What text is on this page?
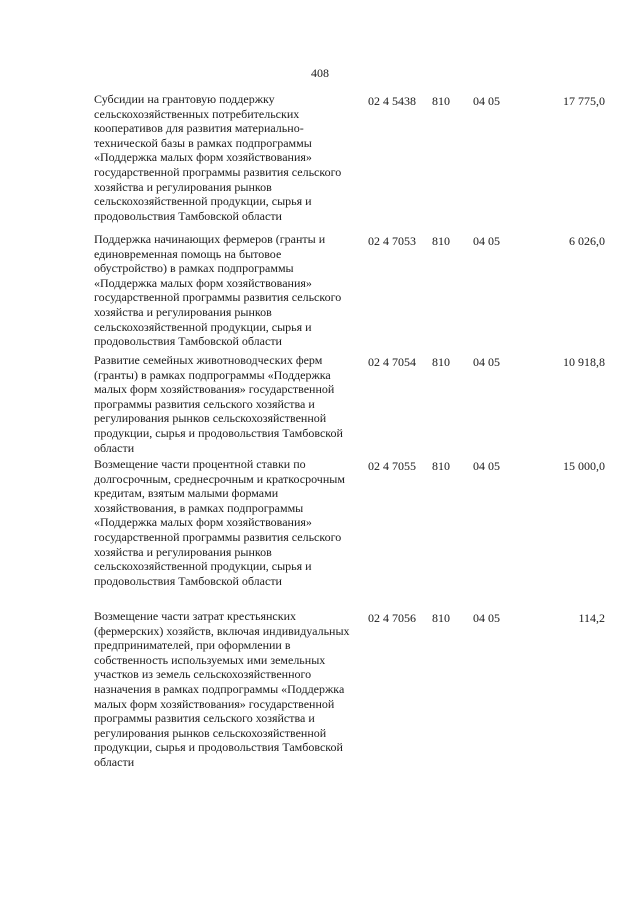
408
Субсидии на грантовую поддержку сельскохозяйственных потребительских кооперативов для развития материально-технической базы в рамках подпрограммы «Поддержка малых форм хозяйствования» государственной программы развития сельского хозяйства и регулирования рынков сельскохозяйственной продукции, сырья и продовольствия Тамбовской области
02 4 5438 810 04 05	17 775,0
Поддержка начинающих фермеров (гранты и единовременная помощь на бытовое обустройство) в рамках подпрограммы «Поддержка малых форм хозяйствования» государственной программы развития сельского хозяйства и регулирования рынков сельскохозяйственной продукции, сырья и продовольствия Тамбовской области
02 4 7053 810 04 05	6 026,0
Развитие семейных животноводческих ферм (гранты) в рамках подпрограммы «Поддержка малых форм хозяйствования» государственной программы развития сельского хозяйства и регулирования рынков сельскохозяйственной продукции, сырья и продовольствия Тамбовской области
02 4 7054 810 04 05	10 918,8
Возмещение части процентной ставки по долгосрочным, среднесрочным и краткосрочным кредитам, взятым малыми формами хозяйствования, в рамках подпрограммы «Поддержка малых форм хозяйствования» государственной программы развития сельского хозяйства и регулирования рынков сельскохозяйственной продукции, сырья и продовольствия Тамбовской области
02 4 7055 810 04 05	15 000,0
Возмещение части затрат крестьянских (фермерских) хозяйств, включая индивидуальных предпринимателей, при оформлении в собственность используемых ими земельных участков из земель сельскохозяйственного назначения в рамках подпрограммы «Поддержка малых форм хозяйствования» государственной программы развития сельского хозяйства и регулирования рынков сельскохозяйственной продукции, сырья и продовольствия Тамбовской области
02 4 7056 810 04 05	114,2
